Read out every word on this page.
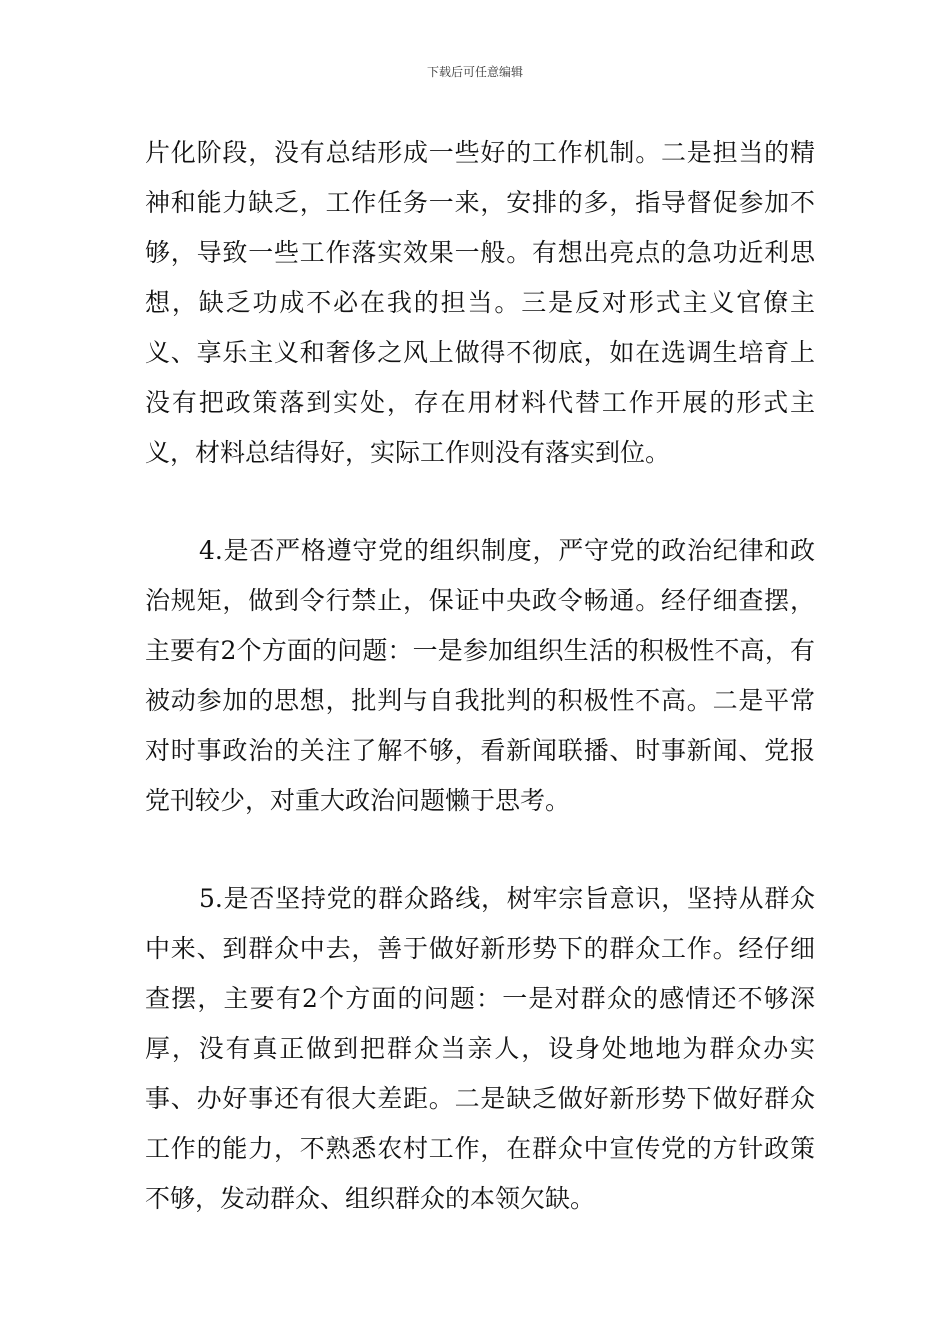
下载后可任意编辑

片化阶段，没有总结形成一些好的工作机制。二是担当的精神和能力缺乏，工作任务一来，安排的多，指导督促参加不够，导致一些工作落实效果一般。有想出亮点的急功近利思想，缺乏功成不必在我的担当。三是反对形式主义官僚主义、享乐主义和奢侈之风上做得不彻底，如在选调生培育上没有把政策落到实处，存在用材料代替工作开展的形式主义，材料总结得好，实际工作则没有落实到位。

4.是否严格遵守党的组织制度，严守党的政治纪律和政治规矩，做到令行禁止，保证中央政令畅通。经仔细查摆，主要有2个方面的问题：一是参加组织生活的积极性不高，有被动参加的思想，批判与自我批判的积极性不高。二是平常对时事政治的关注了解不够，看新闻联播、时事新闻、党报党刊较少，对重大政治问题懒于思考。

5.是否坚持党的群众路线，树牢宗旨意识，坚持从群众中来、到群众中去，善于做好新形势下的群众工作。经仔细查摆，主要有2个方面的问题：一是对群众的感情还不够深厚，没有真正做到把群众当亲人，设身处地地为群众办实事、办好事还有很大差距。二是缺乏做好新形势下做好群众工作的能力，不熟悉农村工作，在群众中宣传党的方针政策不够，发动群众、组织群众的本领欠缺。
